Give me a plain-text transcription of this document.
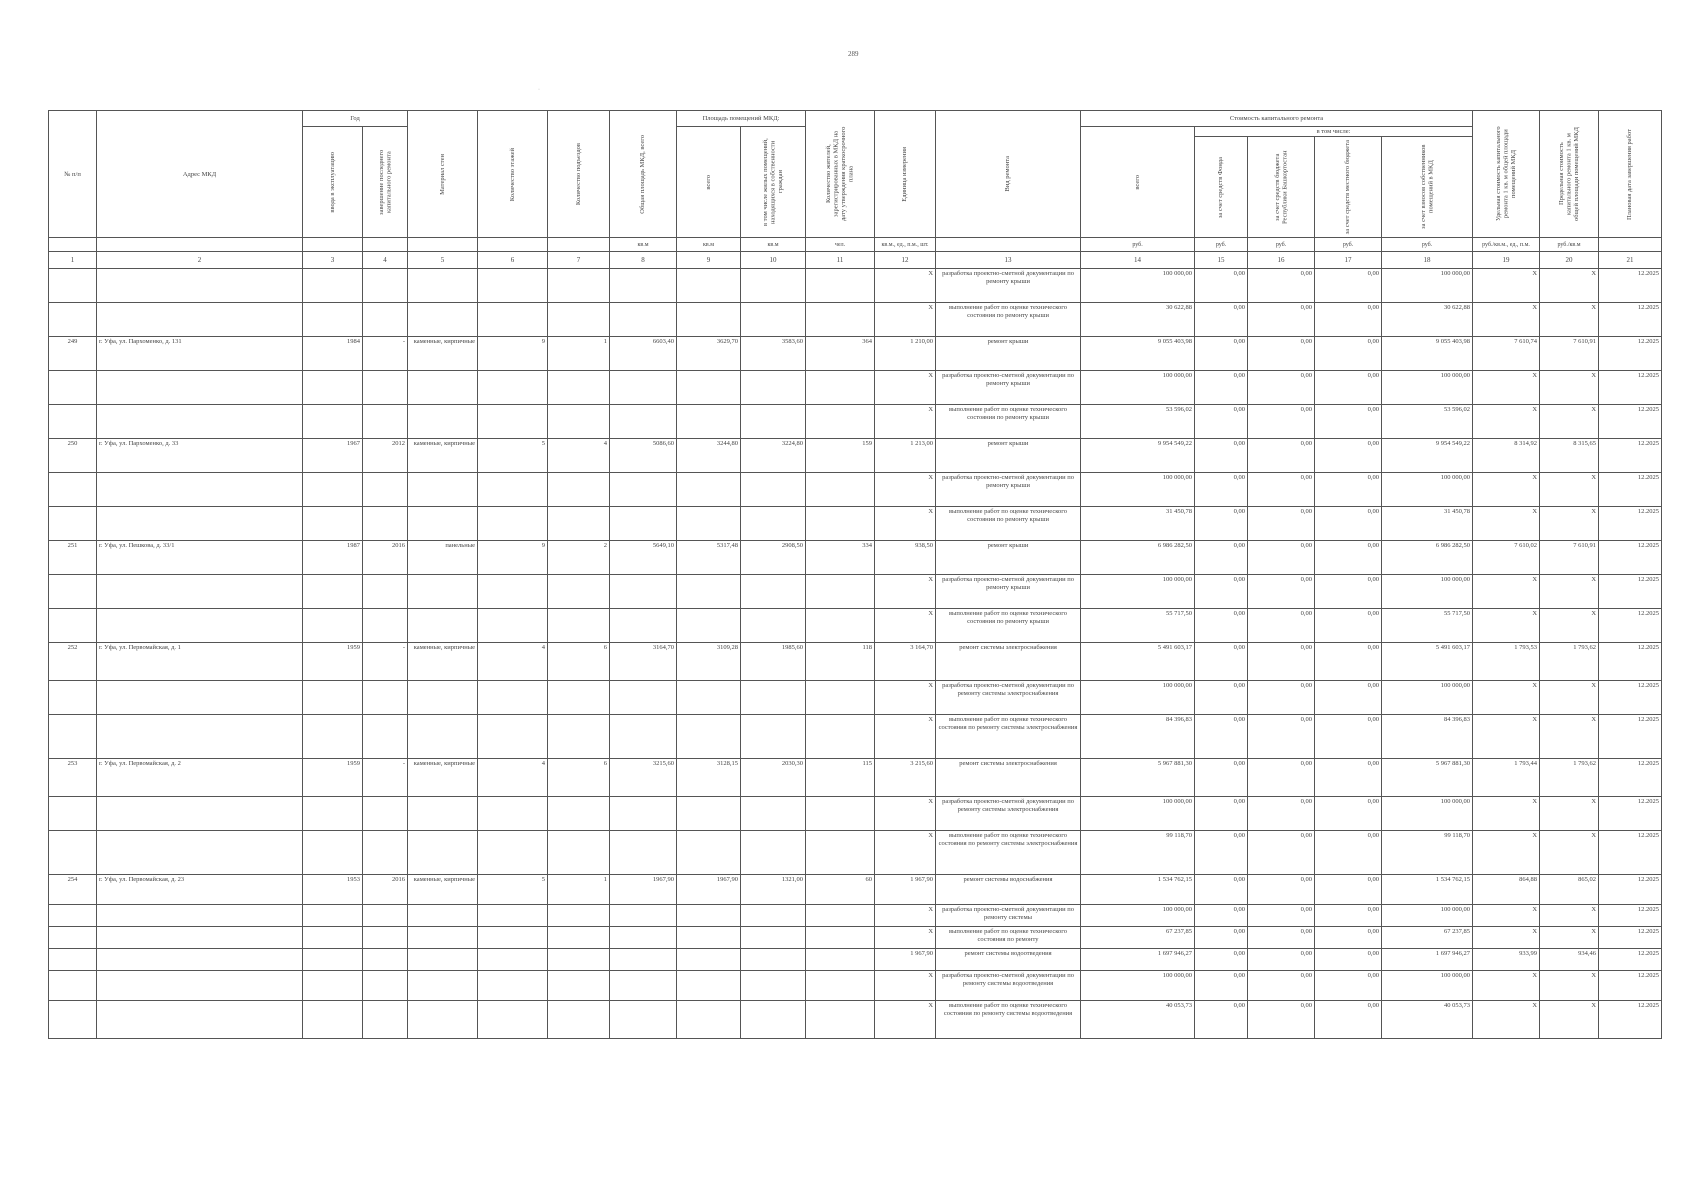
289
·
№ п/п	Адрес МКД	Год		Материал стен	Количество этажей	Количество подъездов	Общая площадь МКД, всего	Площадь помещений МКД:		Количество жителей, зарегистрированных в МКД на дату утверждения краткосрочного плана	Единица измерения	Вид ремонта	Стоимость капитального ремонта					Удельная стоимость капитального ремонта 1 кв. м общей площади помещений МКД	Предельная стоимость капитального ремонта 1 кв. м общей площади помещений МКД	Плановая дата завершения работ

		ввода в эксплуатацию	завершение последнего капитального ремонта					всего	в том числе жилых помещений, находящихся в собственности граждан				всего	в том числе:						

														за счет средств Фонда	за счет средств бюджета Республики Башкортостан	за счет средств местного бюджета	за счет взносов собственников помещений в МКД			

							кв.м	кв.м	кв.м	чел.	кв.м., ед., п.м., шт.		руб.	руб.	руб.	руб.	руб.	руб./кв.м., ед., п.м.	руб./кв.м	
1	2	3	4	5	6	7	8	9	10	11	12	13	14	15	16	17	18	19	20	21
											X	разработка проектно-сметной документации по ремонту крыши	100 000,00	0,00	0,00	0,00	100 000,00	X	X	12.2025
											X	выполнение работ по оценке технического состояния по ремонту крыши	30 622,88	0,00	0,00	0,00	30 622,88	X	X	12.2025
249	г. Уфа, ул. Пархоменко, д. 131	1984	-	каменные, кирпичные	9	1	6603,40	3629,70	3583,60	364	1 210,00	ремонт крыши	9 055 403,98	0,00	0,00	0,00	9 055 403,98	7 610,74	7 610,91	12.2025
											X	разработка проектно-сметной документации по ремонту крыши	100 000,00	0,00	0,00	0,00	100 000,00	X	X	12.2025
											X	выполнение работ по оценке технического состояния по ремонту крыши	53 596,02	0,00	0,00	0,00	53 596,02	X	X	12.2025
250	г. Уфа, ул. Пархоменко, д. 33	1967	2012	каменные, кирпичные	5	4	5086,60	3244,80	3224,80	159	1 213,00	ремонт крыши	9 954 549,22	0,00	0,00	0,00	9 954 549,22	8 314,92	8 315,65	12.2025
											X	разработка проектно-сметной документации по ремонту крыши	100 000,00	0,00	0,00	0,00	100 000,00	X	X	12.2025
											X	выполнение работ по оценке технического состояния по ремонту крыши	31 450,78	0,00	0,00	0,00	31 450,78	X	X	12.2025
251	г. Уфа, ул. Пешкова, д. 33/1	1987	2016	панельные	9	2	5649,10	5317,48	2908,50	334	938,50	ремонт крыши	6 986 282,50	0,00	0,00	0,00	6 986 282,50	7 610,02	7 610,91	12.2025
											X	разработка проектно-сметной документации по ремонту крыши	100 000,00	0,00	0,00	0,00	100 000,00	X	X	12.2025
											X	выполнение работ по оценке технического состояния по ремонту крыши	55 717,50	0,00	0,00	0,00	55 717,50	X	X	12.2025
252	г. Уфа, ул. Первомайская, д. 1	1959	-	каменные, кирпичные	4	6	3164,70	3109,28	1985,60	118	3 164,70	ремонт системы электроснабжения	5 491 603,17	0,00	0,00	0,00	5 491 603,17	1 793,53	1 793,62	12.2025
											X	разработка проектно-сметной документации по ремонту системы электроснабжения	100 000,00	0,00	0,00	0,00	100 000,00	X	X	12.2025
											X	выполнение работ по оценке технического состояния по ремонту системы электроснабжения	84 396,83	0,00	0,00	0,00	84 396,83	X	X	12.2025
253	г. Уфа, ул. Первомайская, д. 2	1959	-	каменные, кирпичные	4	6	3215,60	3128,15	2030,30	115	3 215,60	ремонт системы электроснабжения	5 967 881,30	0,00	0,00	0,00	5 967 881,30	1 793,44	1 793,62	12.2025
											X	разработка проектно-сметной документации по ремонту системы электроснабжения	100 000,00	0,00	0,00	0,00	100 000,00	X	X	12.2025
											X	выполнение работ по оценке технического состояния по ремонту системы электроснабжения	99 118,70	0,00	0,00	0,00	99 118,70	X	X	12.2025
254	г. Уфа, ул. Первомайская, д. 23	1953	2016	каменные, кирпичные	5	1	1967,90	1967,90	1321,00	60	1 967,90	ремонт системы водоснабжения	1 534 762,15	0,00	0,00	0,00	1 534 762,15	864,88	865,02	12.2025
											X	разработка проектно-сметной документации по ремонту системы	100 000,00	0,00	0,00	0,00	100 000,00	X	X	12.2025
											X	выполнение работ по оценке технического состояния по ремонту	67 237,85	0,00	0,00	0,00	67 237,85	X	X	12.2025
											1 967,90	ремонт системы водоотведения	1 697 946,27	0,00	0,00	0,00	1 697 946,27	933,99	934,46	12.2025
											X	разработка проектно-сметной документации по ремонту системы водоотведения	100 000,00	0,00	0,00	0,00	100 000,00	X	X	12.2025
											X	выполнение работ по оценке технического состояния по ремонту системы водоотведения	40 053,73	0,00	0,00	0,00	40 053,73	X	X	12.2025
